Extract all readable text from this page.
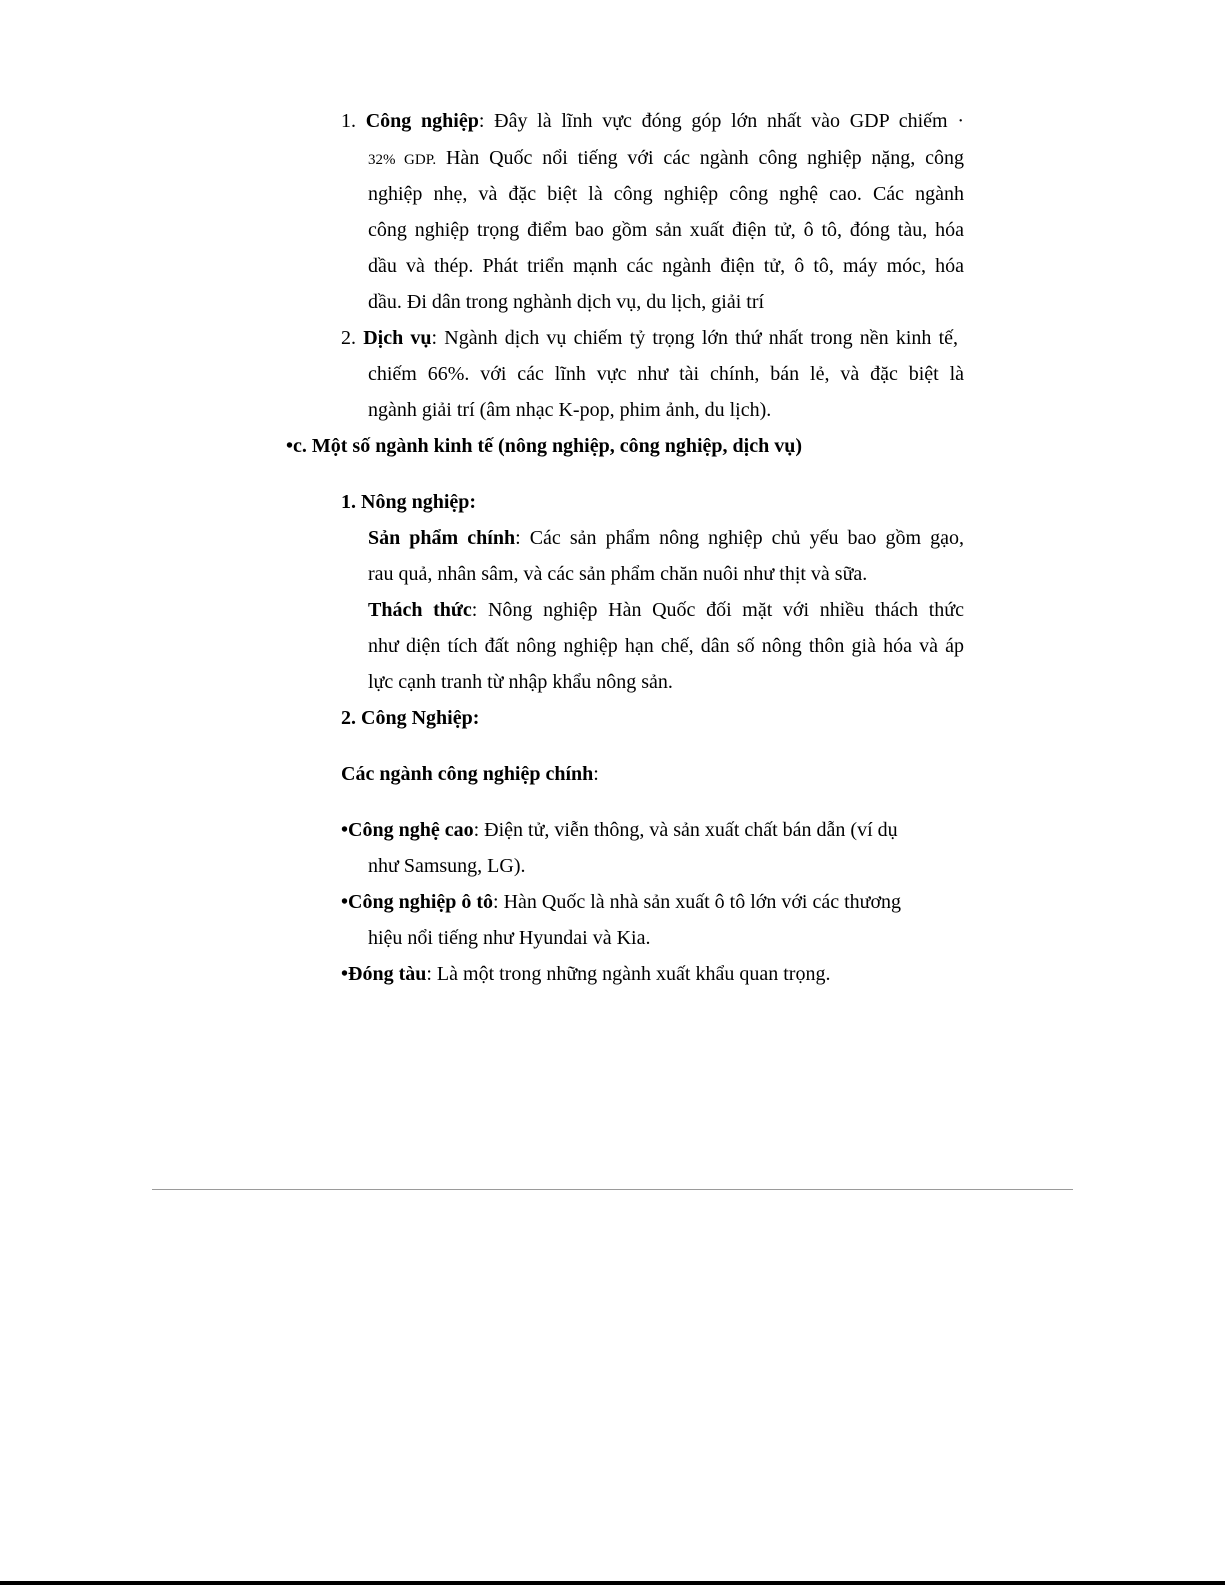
1. Công nghiệp: Đây là lĩnh vực đóng góp lớn nhất vào GDP chiếm ·
32% GDP. Hàn Quốc nổi tiếng với các ngành công nghiệp nặng, công
nghiệp nhẹ, và đặc biệt là công nghiệp công nghệ cao. Các ngành
công nghiệp trọng điểm bao gồm sản xuất điện tử, ô tô, đóng tàu, hóa
dầu và thép. Phát triển mạnh các ngành điện tử, ô tô, máy móc, hóa
dầu. Đi dân trong nghành dịch vụ, du lịch, giải trí
2. Dịch vụ: Ngành dịch vụ chiếm tỷ trọng lớn thứ nhất trong nền kinh tế,
chiếm 66%. với các lĩnh vực như tài chính, bán lẻ, và đặc biệt là
ngành giải trí (âm nhạc K-pop, phim ảnh, du lịch).
•c. Một số ngành kinh tế (nông nghiệp, công nghiệp, dịch vụ)
1. Nông nghiệp:
Sản phẩm chính: Các sản phẩm nông nghiệp chủ yếu bao gồm gạo,
rau quả, nhân sâm, và các sản phẩm chăn nuôi như thịt và sữa.
Thách thức: Nông nghiệp Hàn Quốc đối mặt với nhiều thách thức
như diện tích đất nông nghiệp hạn chế, dân số nông thôn già hóa và áp
lực cạnh tranh từ nhập khẩu nông sản.
2. Công Nghiệp:
Các ngành công nghiệp chính:
•Công nghệ cao: Điện tử, viễn thông, và sản xuất chất bán dẫn (ví dụ
như Samsung, LG).
•Công nghiệp ô tô: Hàn Quốc là nhà sản xuất ô tô lớn với các thương
hiệu nổi tiếng như Hyundai và Kia.
•Đóng tàu: Là một trong những ngành xuất khẩu quan trọng.
